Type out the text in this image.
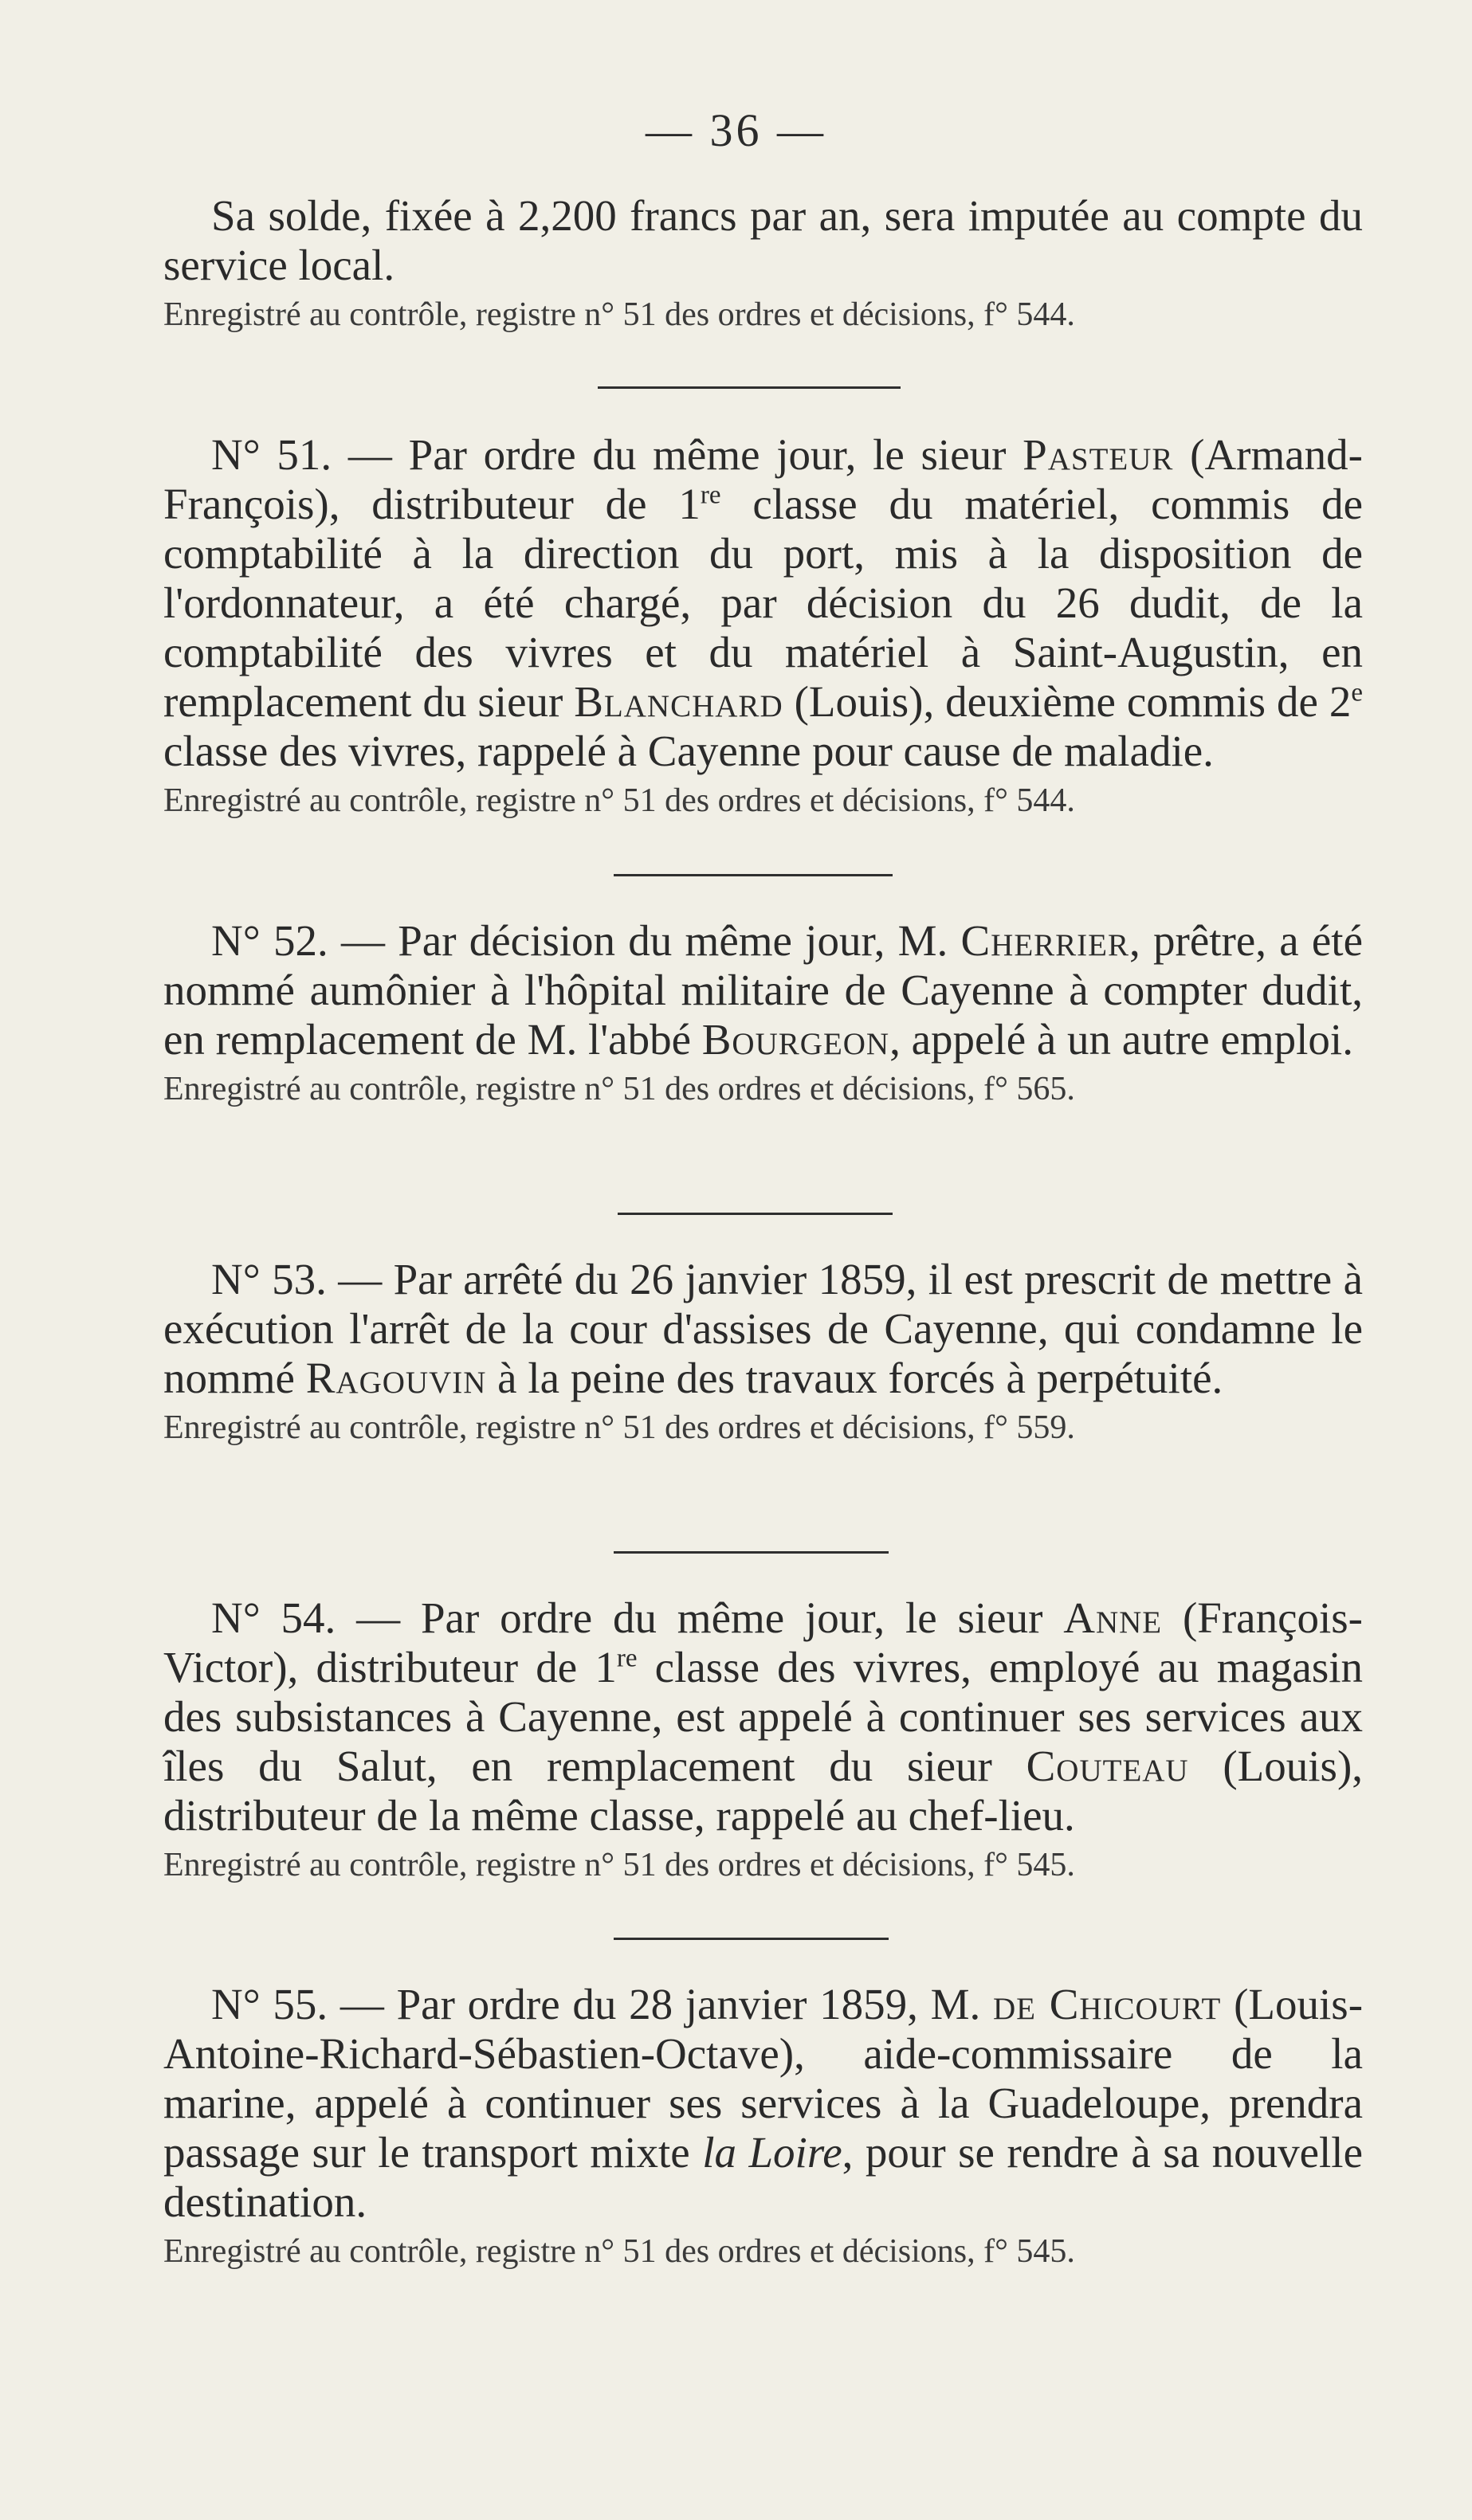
— 36 —
Sa solde, fixée à 2,200 francs par an, sera imputée au compte du service local.
Enregistré au contrôle, registre n° 51 des ordres et décisions, f° 544.
N° 51. — Par ordre du même jour, le sieur Pasteur (Armand-François), distributeur de 1re classe du matériel, commis de comptabilité à la direction du port, mis à la disposition de l'ordonnateur, a été chargé, par décision du 26 dudit, de la comptabilité des vivres et du matériel à Saint-Augustin, en remplacement du sieur Blanchard (Louis), deuxième commis de 2e classe des vivres, rappelé à Cayenne pour cause de maladie.
Enregistré au contrôle, registre n° 51 des ordres et décisions, f° 544.
N° 52. — Par décision du même jour, M. Cherrier, prêtre, a été nommé aumônier à l'hôpital militaire de Cayenne à compter dudit, en remplacement de M. l'abbé Bourgeon, appelé à un autre emploi.
Enregistré au contrôle, registre n° 51 des ordres et décisions, f° 565.
N° 53. — Par arrêté du 26 janvier 1859, il est prescrit de mettre à exécution l'arrêt de la cour d'assises de Cayenne, qui condamne le nommé Ragouvin à la peine des travaux forcés à perpétuité.
Enregistré au contrôle, registre n° 51 des ordres et décisions, f° 559.
N° 54. — Par ordre du même jour, le sieur Anne (François-Victor), distributeur de 1re classe des vivres, employé au magasin des subsistances à Cayenne, est appelé à continuer ses services aux îles du Salut, en remplacement du sieur Couteau (Louis), distributeur de la même classe, rappelé au chef-lieu.
Enregistré au contrôle, registre n° 51 des ordres et décisions, f° 545.
N° 55. — Par ordre du 28 janvier 1859, M. de Chicourt (Louis-Antoine-Richard-Sébastien-Octave), aide-commissaire de la marine, appelé à continuer ses services à la Guadeloupe, prendra passage sur le transport mixte la Loire, pour se rendre à sa nouvelle destination.
Enregistré au contrôle, registre n° 51 des ordres et décisions, f° 545.
